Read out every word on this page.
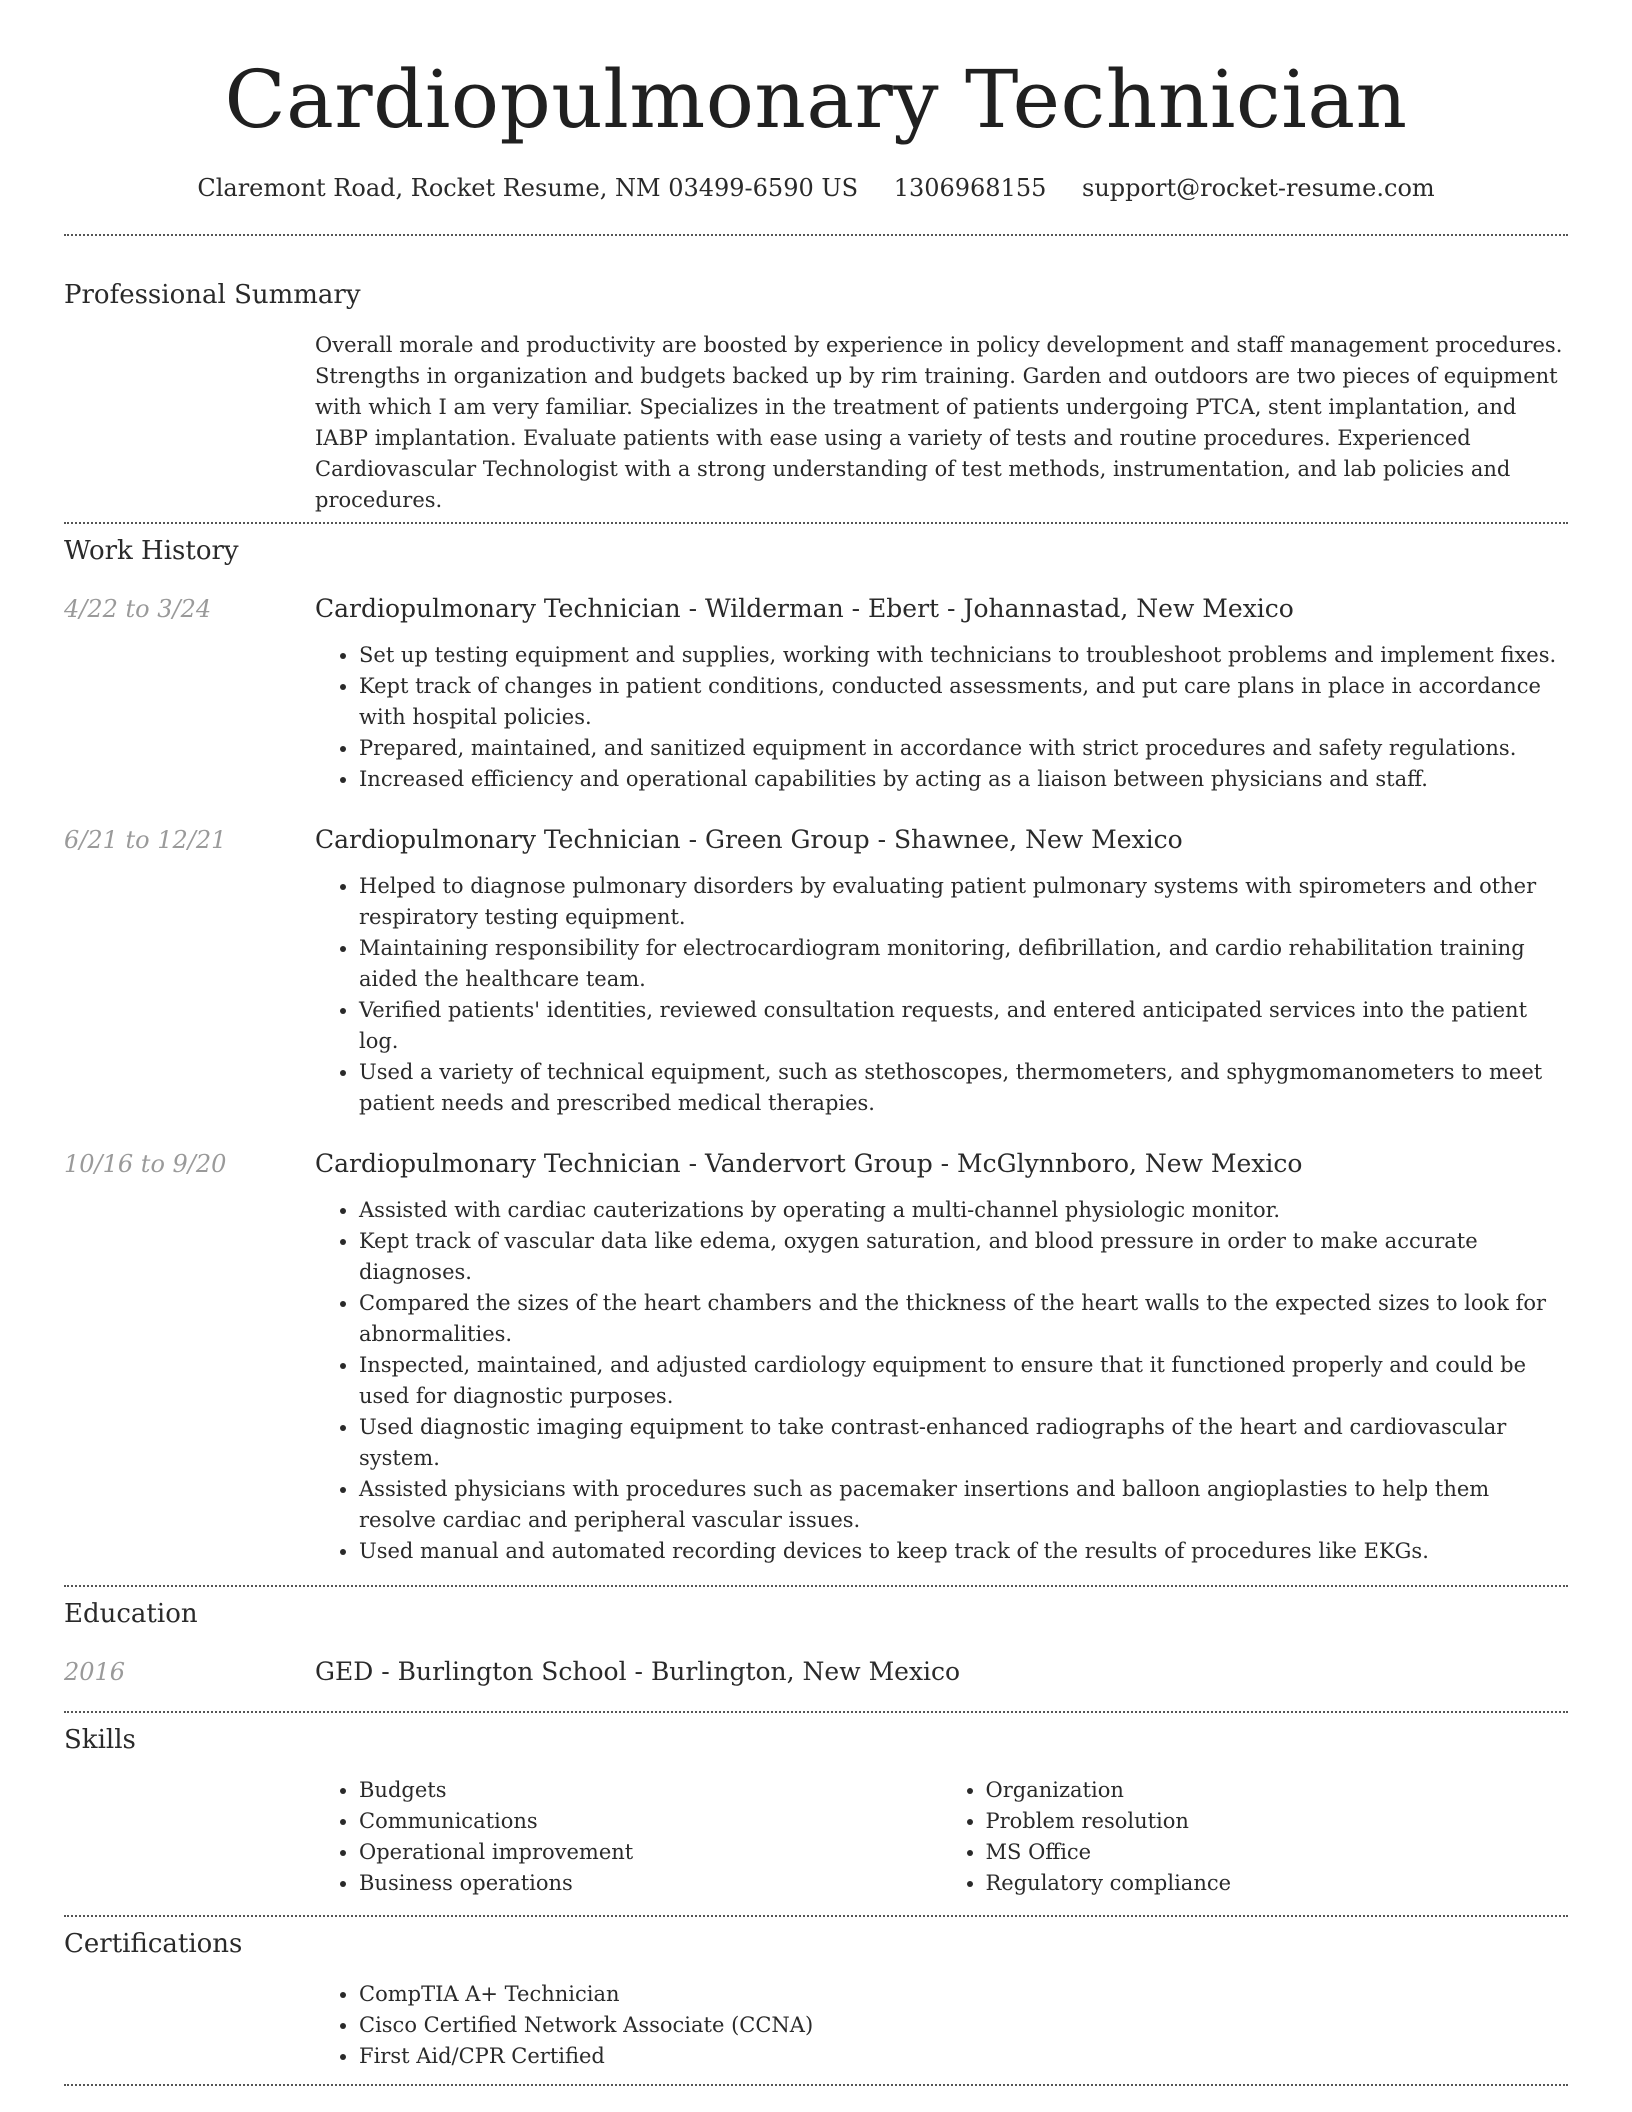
Cardiopulmonary Technician
Claremont Road, Rocket Resume, NM 03499-6590 US 1306968155 support@rocket-resume.com
Professional Summary
Overall morale and productivity are boosted by experience in policy development and staff management procedures. Strengths in organization and budgets backed up by rim training. Garden and outdoors are two pieces of equipment with which I am very familiar. Specializes in the treatment of patients undergoing PTCA, stent implantation, and IABP implantation. Evaluate patients with ease using a variety of tests and routine procedures. Experienced Cardiovascular Technologist with a strong understanding of test methods, instrumentation, and lab policies and procedures.
Work History
4/22 to 3/24	Cardiopulmonary Technician - Wilderman - Ebert - Johannastad, New Mexico
• Set up testing equipment and supplies, working with technicians to troubleshoot problems and implement fixes.
• Kept track of changes in patient conditions, conducted assessments, and put care plans in place in accordance with hospital policies.
• Prepared, maintained, and sanitized equipment in accordance with strict procedures and safety regulations.
• Increased efficiency and operational capabilities by acting as a liaison between physicians and staff.
6/21 to 12/21	Cardiopulmonary Technician - Green Group - Shawnee, New Mexico
• Helped to diagnose pulmonary disorders by evaluating patient pulmonary systems with spirometers and other respiratory testing equipment.
• Maintaining responsibility for electrocardiogram monitoring, defibrillation, and cardio rehabilitation training aided the healthcare team.
• Verified patients' identities, reviewed consultation requests, and entered anticipated services into the patient log.
• Used a variety of technical equipment, such as stethoscopes, thermometers, and sphygmomanometers to meet patient needs and prescribed medical therapies.
10/16 to 9/20	Cardiopulmonary Technician - Vandervort Group - McGlynnboro, New Mexico
• Assisted with cardiac cauterizations by operating a multi-channel physiologic monitor.
• Kept track of vascular data like edema, oxygen saturation, and blood pressure in order to make accurate diagnoses.
• Compared the sizes of the heart chambers and the thickness of the heart walls to the expected sizes to look for abnormalities.
• Inspected, maintained, and adjusted cardiology equipment to ensure that it functioned properly and could be used for diagnostic purposes.
• Used diagnostic imaging equipment to take contrast-enhanced radiographs of the heart and cardiovascular system.
• Assisted physicians with procedures such as pacemaker insertions and balloon angioplasties to help them resolve cardiac and peripheral vascular issues.
• Used manual and automated recording devices to keep track of the results of procedures like EKGs.
Education
2016	GED - Burlington School - Burlington, New Mexico
Skills
• Budgets
• Communications
• Operational improvement
• Business operations
• Organization
• Problem resolution
• MS Office
• Regulatory compliance
Certifications
• CompTIA A+ Technician
• Cisco Certified Network Associate (CCNA)
• First Aid/CPR Certified
